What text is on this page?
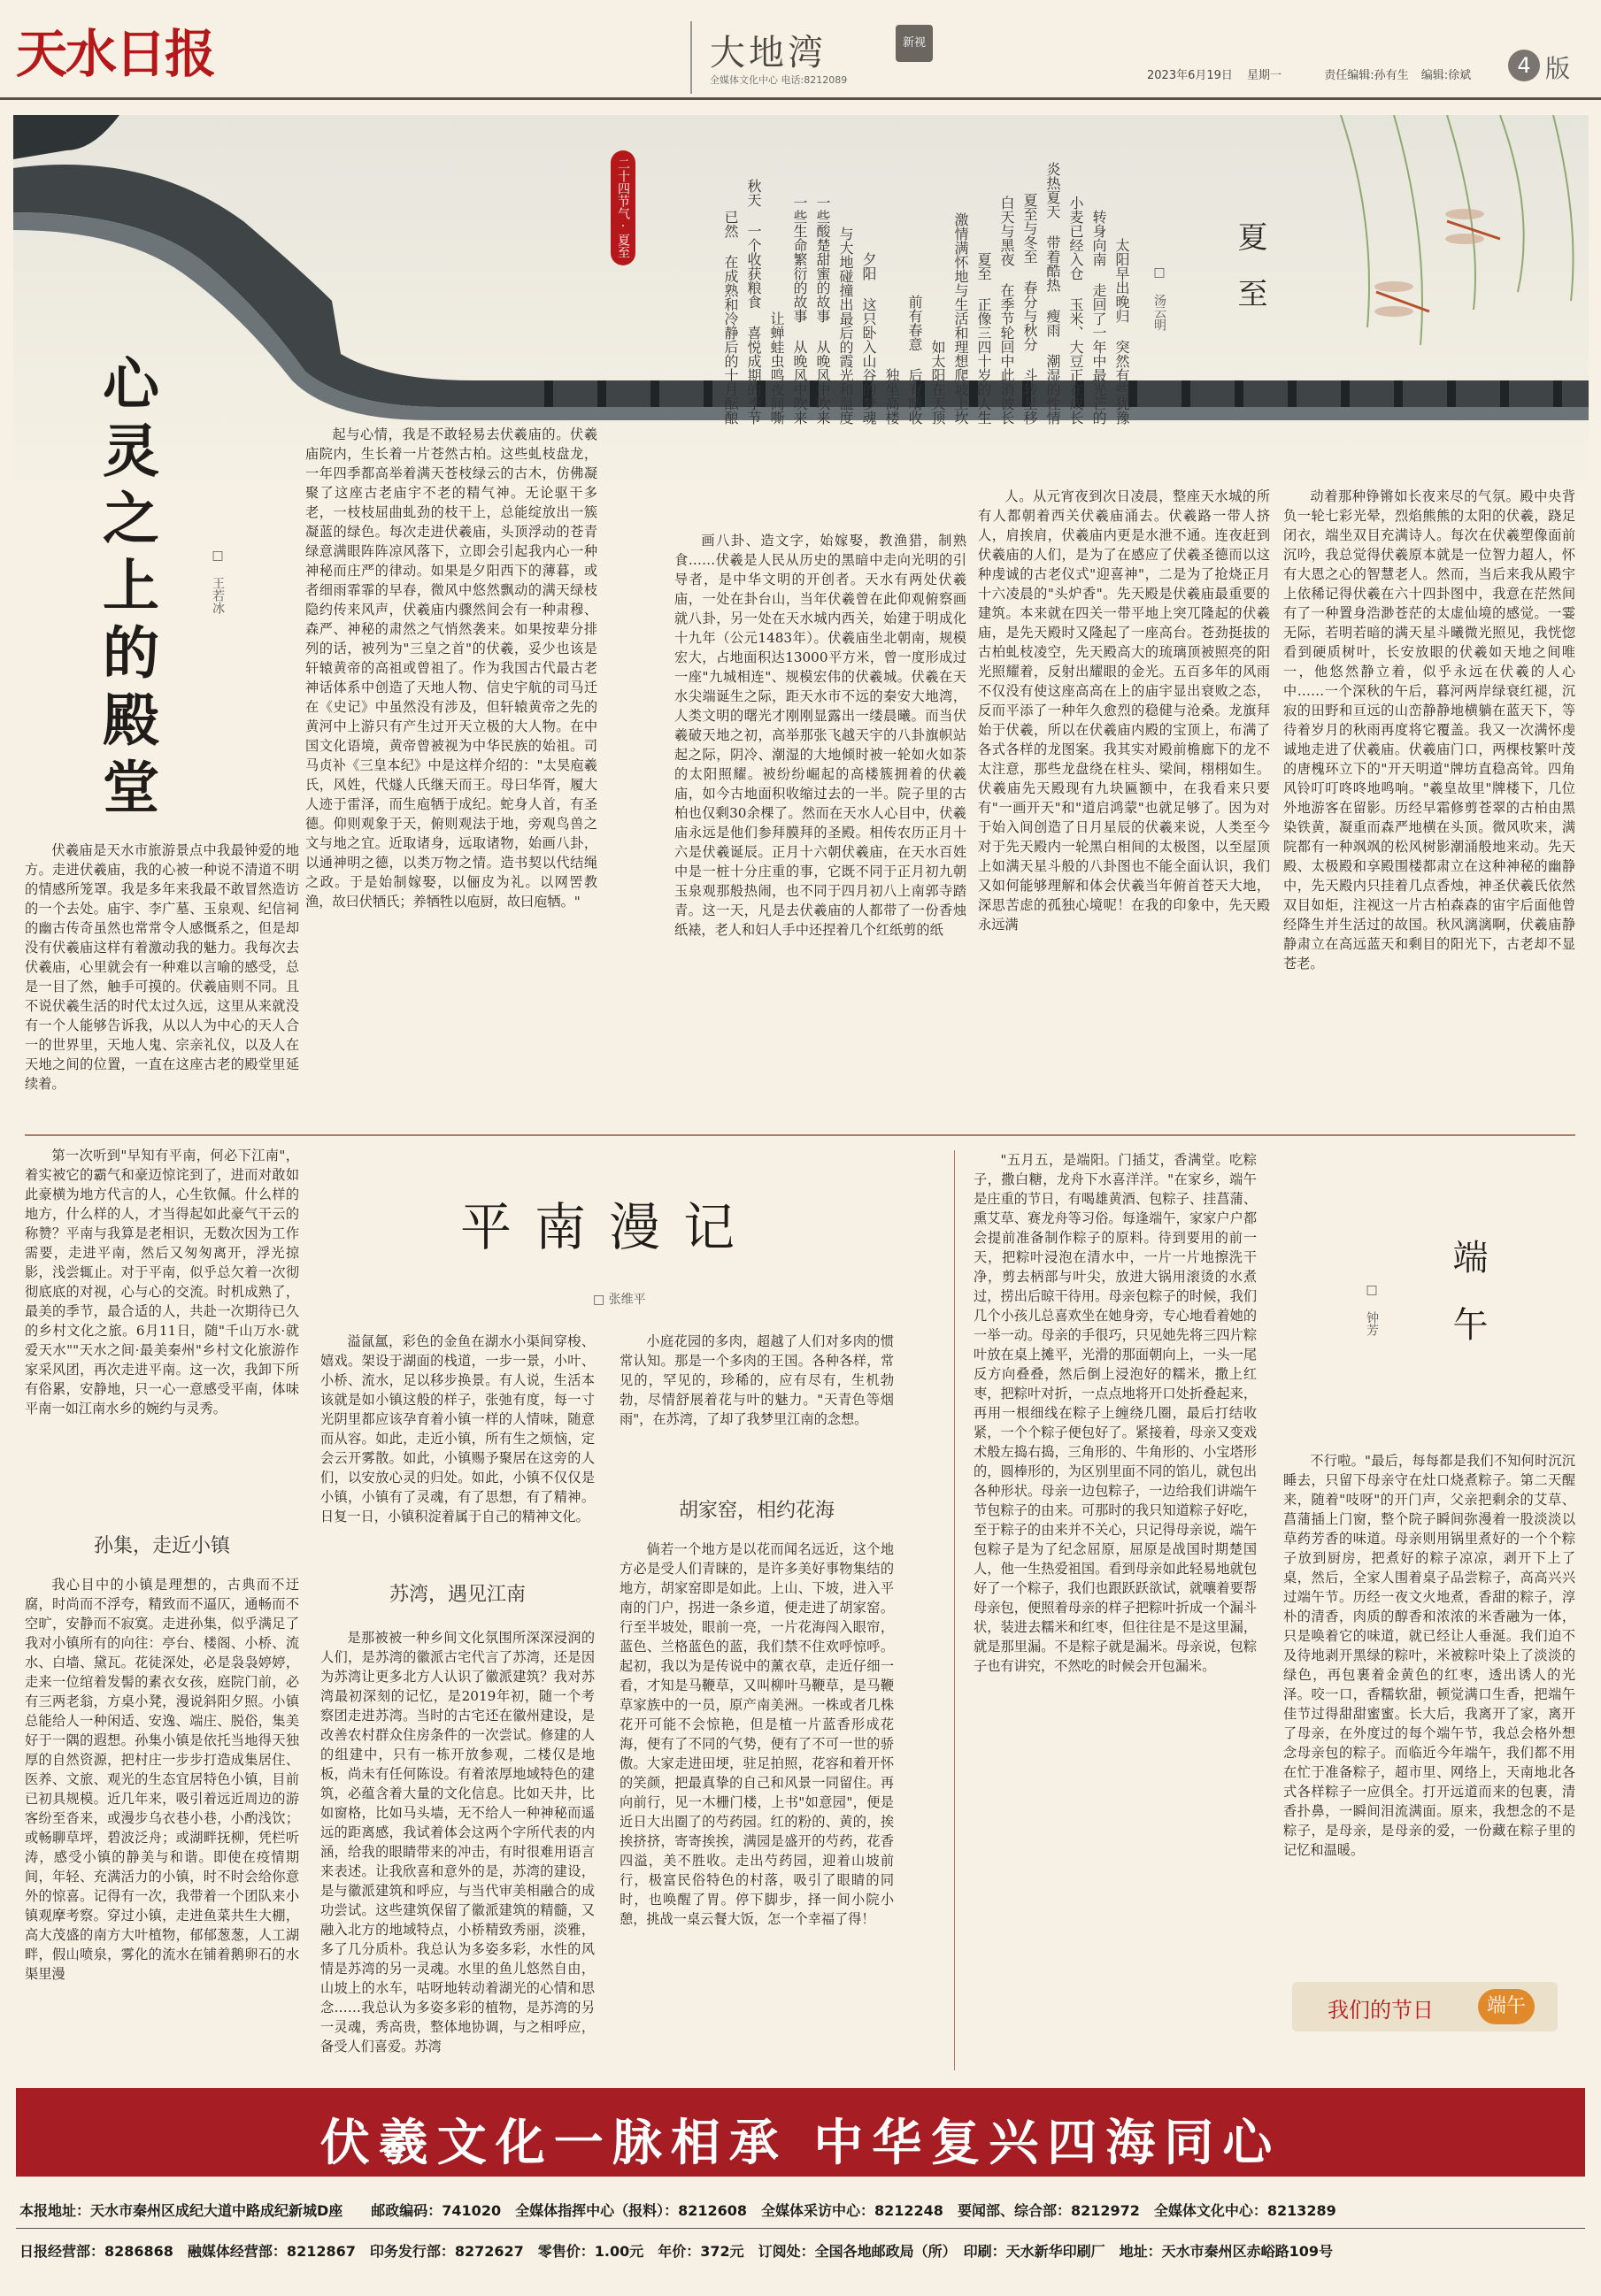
天水日报	大地湾	新视
全媒体文化中心 电话:8212089	2023年6月19日 星期一	责任编辑:孙有生 编辑:徐斌	4 版
夏至
□ 汤云明
二十四节气·夏至
太阳早出晚归 突然有些犹豫
转身向南 走回了一年中最光芒的
小麦已经入仓 玉米、大豆正在成长
炎热夏天 带着酷热 瘦雨 潮湿的性情
夏至与冬至 春分与秋分 斗转星移
白天与黑夜 在季节轮回中此消彼长
夏至 正像三四十岁的人生
激情满怀地与生活和理想爬坡上坎
如太阳在天顶
前有春意 后有晴收
独坐高楼
夕阳 这只卧入山谷的梦魂
与大地碰撞出最后的霞光和温度
一些酸楚甜蜜的故事 从晚风中吹来
一些生命繁衍的故事 从晚风中吹来
让蝉蛙虫鸣夜间嘶
秋天 一个收获粮食 喜悦成期的季节
已然 在成熟和冷静后的十月酝酿
心灵之上的殿堂	□ 王若冰

伏羲庙是天水市旅游景点中我最钟爱的地方。走进伏羲庙，我的心被一种说不清道不明的情感所笼罩。我是多年来我最不敢冒然造访的一个去处。庙宇、李广墓、玉泉观、纪信祠的幽古传奇虽然也常常令人感慨系之，但是却没有伏羲庙这样有着激动我的魅力。我每次去伏羲庙，心里就会有一种难以言喻的感受，总是一目了然，触手可摸的。伏羲庙则不同。且不说伏羲生活的时代太过久远，这里从来就没有一个人能够告诉我，从以人为中心的天人合一的世界里，天地人鬼、宗亲礼仪，以及人在天地之间的位置，一直在这座古老的殿堂里延续着。

起与心情，我是不敢轻易去伏羲庙的。伏羲庙院内，生长着一片苍然古柏。这些虬枝盘龙，一年四季都高举着满天苍枝绿云的古木，仿佛凝聚了这座古老庙宇不老的精气神。无论驱干多老，一枝枝屈曲虬劲的枝干上，总能绽放出一簇凝蓝的绿色。每次走进伏羲庙，头顶浮动的苍青绿意满眼阵阵凉风落下，立即会引起我内心一种神秘而庄严的律动。如果是夕阳西下的薄暮，或者细雨霏霏的早春，微风中悠然飘动的满天绿枝隐约传来风声，伏羲庙内骤然间会有一种肃穆、森严、神秘的肃然之气悄然袭来。如果按辈分排列的话，被列为"三皇之首"的伏羲，妥少也该是轩辕黄帝的高祖或曾祖了。作为我国古代最古老神话体系中创造了天地人物、信史宇航的司马迁在《史记》中虽然没有涉及，但轩辕黄帝之先的黄河中上游只有产生过开天立极的大人物。在中国文化语境，黄帝曾被视为中华民族的始祖。司马贞补《三皇本纪》中是这样介绍的："太昊庖羲氏，风姓，代燧人氏继天而王。母曰华胥，履大人迹于雷泽，而生庖牺于成纪。蛇身人首，有圣德。仰则观象于天，俯则观法于地，旁观鸟兽之文与地之宜。近取诸身，远取诸物，始画八卦，以通神明之德，以类万物之情。造书契以代结绳之政。于是始制嫁娶，以俪皮为礼。以网罟教渔，故曰伏牺氏；养牺牲以庖厨，故曰庖牺。"

画八卦、造文字，始嫁娶，教渔猎，制熟食……伏羲是人民从历史的黑暗中走向光明的引导者，是中华文明的开创者。天水有两处伏羲庙，一处在卦台山，当年伏羲曾在此仰观俯察画就八卦，另一处在天水城内西关，始建于明成化十九年（公元1483年）。伏羲庙坐北朝南，规模宏大，占地面积达13000平方米，曾一度形成过一座"九城相连"、规模宏伟的伏羲城。伏羲在天水尖端诞生之际，距天水市不远的秦安大地湾，人类文明的曙光才刚刚显露出一缕晨曦。而当伏羲破天地之初，高举那张飞越天宇的八卦旗帜站起之际，阴冷、潮湿的大地倾时被一轮如火如荼的太阳照耀。被纷纷崛起的高楼簇拥着的伏羲庙，如今古地面积收缩过去的一半。院子里的古柏也仅剩30余棵了。然而在天水人心目中，伏羲庙永远是他们参拜膜拜的圣殿。相传农历正月十六是伏羲诞辰。正月十六朝伏羲庙，在天水百姓中是一桩十分庄重的事，它既不同于正月初九朝玉泉观那般热闹，也不同于四月初八上南郭寺踏青。这一天，凡是去伏羲庙的人都带了一份香烛纸裱，老人和妇人手中还捏着几个红纸剪的纸

人。从元宵夜到次日凌晨，整座天水城的所有人都朝着西关伏羲庙涌去。伏羲路一带人挤人，肩挨肩，伏羲庙内更是水泄不通。连夜赶到伏羲庙的人们，是为了在感应了伏羲圣德而以这种虔诚的古老仪式"迎喜神"，二是为了抢烧正月十六凌晨的"头炉香"。先天殿是伏羲庙最重要的建筑。本来就在四关一带平地上突兀隆起的伏羲庙，是先天殿时又隆起了一座高台。苍劲挺拔的古柏虬枝凌空，先天殿高大的琉璃顶被照亮的阳光照耀着，反射出耀眼的金光。五百多年的风雨不仅没有使这座高高在上的庙宇显出衰败之态，反而平添了一种年久愈烈的稳健与沧桑。龙旗拜始于伏羲，所以在伏羲庙内殿的宝顶上，布满了各式各样的龙图案。我其实对殿前檐廊下的龙不太注意，那些龙盘绕在柱头、梁间，栩栩如生。伏羲庙先天殿现有九块匾额中，在我看来只要有"一画开天"和"道启鸿蒙"也就足够了。因为对于始入间创造了日月星辰的伏羲来说，人类至今对于先天殿内一轮黑白相间的太极图，以至屋顶上如满天星斗般的八卦图也不能全面认识，我们又如何能够理解和体会伏羲当年俯首苍天大地，深思苦虑的孤独心境呢！在我的印象中，先天殿永远满

动着那种铮锵如长夜来尽的气氛。殿中央背负一轮七彩光晕，烈焰熊熊的太阳的伏羲，跷足闭衣，端坐双目充满诗人。每次在伏羲塑像面前沉吟，我总觉得伏羲原本就是一位智力超人，怀有大恩之心的智慧老人。然而，当后来我从殿宇上依稀记得伏羲在六十四卦图中，我意在茫然间有了一种置身浩渺苍茫的太虚仙境的感觉。一霎无际，若明若暗的满天星斗曦微光照见，我恍惚看到硬质树叶，长安放眼的伏羲如天地之间唯一，他悠然静立着，似乎永远在伏羲的人心中……一个深秋的午后，暮河两岸绿衰红褪，沉寂的田野和亘远的山峦静静地横躺在蓝天下，等待着岁月的秋雨再度将它覆盖。我又一次满怀虔诚地走进了伏羲庙。伏羲庙门口，两棵枝繁叶茂的唐槐环立下的"开天明道"牌坊直稳高耸。四角风铃叮叮咚咚地鸣响。"羲皇故里"牌楼下，几位外地游客在留影。历经早霜修剪苍翠的古柏由黑染铁黄，凝重而森严地横在头顶。微风吹来，满院都有一种飒飒的松风树影潮涌般地来动。先天殿、太极殿和享殿围楼都肃立在这种神秘的幽静中，先天殿内只挂着几点香烛，神圣伏羲氏依然双目如炬，注视这一片古柏森森的宙宇后面他曾经降生并生活过的故国。秋风漓漓啊，伏羲庙静静肃立在高远蓝天和剩目的阳光下，古老却不显苍老。

第一次听到"早知有平南，何必下江南"，着实被它的霸气和豪迈惊诧到了，进而对敢如此豪横为地方代言的人，心生钦佩。什么样的地方，什么样的人，才当得起如此豪气干云的称赞？平南与我算是老相识，无数次因为工作需要，走进平南，然后又匆匆离开，浮光掠影，浅尝辄止。对于平南，似乎总欠着一次彻彻底底的对视，心与心的交流。时机成熟了，最美的季节，最合适的人，共赴一次期待已久的乡村文化之旅。6月11日，随"千山万水·就爱天水""天水之间·最美秦州"乡村文化旅游作家采风团，再次走进平南。这一次，我卸下所有俗累，安静地，只一心一意感受平南，体味平南一如江南水乡的婉约与灵秀。

平南漫记
□ 张维平
孙集，走近小镇

我心目中的小镇是理想的，古典而不迂腐，时尚而不浮夸，精致而不逼仄，通畅而不空旷，安静而不寂寞。走进孙集，似乎满足了我对小镇所有的向往：亭台、楼阁、小桥、流水、白墙、黛瓦。花徒深处，必是袅袅婷婷，走来一位绾着发髻的素衣女孩，庭院门前，必有三两老翁，方桌小凳，漫说斜阳夕照。小镇总能给人一种闲适、安逸、端庄、脱俗，集美好于一隅的遐想。孙集小镇是依托当地得天独厚的自然资源，把村庄一步步打造成集居住、医养、文旅、观光的生态宜居特色小镇，目前已初具规模。近几年来，吸引着远近周边的游客纷至沓来，或漫步乌衣巷小巷，小酌浅饮；或畅聊草坪，碧波泛舟；或湖畔抚柳，凭栏听涛，感受小镇的静美与和谐。即使在疫情期间，年轻、充满活力的小镇，时不时会给你意外的惊喜。记得有一次，我带着一个团队来小镇观摩考察。穿过小镇，走进鱼菜共生大棚，高大茂盛的南方大叶植物，郁郁葱葱，人工湖畔，假山喷泉，雾化的流水在铺着鹅卵石的水渠里漫

溢氤氲，彩色的金鱼在湖水小渠间穿梭、嬉戏。架设于湖面的栈道，一步一景，小叶、小桥、流水，足以移步换景。有人说，生活本该就是如小镇这般的样子，张弛有度，每一寸光阴里都应该孕育着小镇一样的人情味，随意而从容。如此，走近小镇，所有生之烦恼，定会云开雾散。如此，小镇赐予聚居在这旁的人们，以安放心灵的归处。如此，小镇不仅仅是小镇，小镇有了灵魂，有了思想，有了精神。日复一日，小镇积淀着属于自己的精神文化。

苏湾，遇见江南

是那被被一种乡间文化氛围所深深浸润的人们，是苏湾的徽派古宅代言了苏湾，还是因为苏湾让更多北方人认识了徽派建筑？我对苏湾最初深刻的记忆，是2019年初，随一个考察团走进苏湾。当时的古宅还在徽州建设，是改善农村群众住房条件的一次尝试。修建的人的组建中，只有一栋开放参观，二楼仅是地板，尚未有任何陈设。有着浓厚地域特色的建筑，必蕴含着大量的文化信息。比如天井，比如窗格，比如马头墙，无不给人一种神秘而遥远的距离感，我试着体会这两个字所代表的内涵，给我的眼睛带来的冲击，有时很难用语言来表述。让我欣喜和意外的是，苏湾的建设，是与徽派建筑和呼应，与当代审美相融合的成功尝试。这些建筑保留了徽派建筑的精髓，又融入北方的地域特点，小桥精致秀丽，淡雅，多了几分质朴。我总认为多姿多彩，水性的风情是苏湾的另一灵魂。水里的鱼儿悠然自由，山坡上的水车，咕呀地转动着湖光的心情和思念……我总认为多姿多彩的植物，是苏湾的另一灵魂，秀高贵，整体地协调，与之相呼应，备受人们喜爱。苏湾

小庭花园的多肉，超越了人们对多肉的惯常认知。那是一个多肉的王国。各种各样，常见的，罕见的，珍稀的，应有尽有，生机勃勃，尽情舒展着花与叶的魅力。"天青色等烟雨"，在苏湾，了却了我梦里江南的念想。

胡家窑，相约花海

倘若一个地方是以花而闻名远近，这个地方必是受人们青睐的，是许多美好事物集结的地方，胡家窑即是如此。上山、下坡，进入平南的门户，拐进一条乡道，便走进了胡家窑。行至半坡处，眼前一亮，一片花海闯入眼帘，蓝色、兰格蓝色的蓝，我们禁不住欢呼惊呼。起初，我以为是传说中的薰衣草，走近仔细一看，才知是马鞭草，又叫柳叶马鞭草，是马鞭草家族中的一员，原产南美洲。一株或者几株花开可能不会惊艳，但是植一片蓝香形成花海，便有了不同的气势，便有了不可一世的骄傲。大家走进田埂，驻足拍照，花容和着开怀的笑颜，把最真挚的自己和风景一同留住。再向前行，见一木栅门楼，上书"如意园"，便是近日大出圈了的芍药园。红的粉的、黄的，挨挨挤挤，寄寄挨挨，满园是盛开的芍药，花香四溢，美不胜收。走出芍药园，迎着山坡前行，极富民俗特色的村落，吸引了眼睛的同时，也唤醒了胃。停下脚步，择一间小院小憩，挑战一桌云餐大饭，怎一个幸福了得！

"五月五，是端阳。门插艾，香满堂。吃粽子，撒白糖，龙舟下水喜洋洋。"在家乡，端午是庄重的节日，有喝雄黄酒、包粽子、挂菖蒲、熏艾草、赛龙舟等习俗。每逢端午，家家户户都会提前准备制作粽子的原料。待到要用的前一天，把粽叶浸泡在清水中，一片一片地擦洗干净，剪去柄部与叶尖，放进大锅用滚烫的水煮过，捞出后晾干待用。母亲包粽子的时候，我们几个小孩儿总喜欢坐在她身旁，专心地看着她的一举一动。母亲的手很巧，只见她先将三四片粽叶放在桌上摊平，光滑的那面朝向上，一头一尾反方向叠叠，然后倒上浸泡好的糯米，撒上红枣，把粽叶对折，一点点地将开口处折叠起来，再用一根细线在粽子上缠绕几圈，最后打结收紧，一个个粽子便包好了。紧接着，母亲又变戏术般左捣右捣，三角形的、牛角形的、小宝塔形的，圆棒形的，为区别里面不同的馅儿，就包出各种形状。母亲一边包粽子，一边给我们讲端午节包粽子的由来。可那时的我只知道粽子好吃，至于粽子的由来并不关心，只记得母亲说，端午包粽子是为了纪念屈原，屈原是战国时期楚国人，他一生热爱祖国。看到母亲如此轻易地就包好了一个粽子，我们也跟跃跃欲试，就嚷着要帮母亲包，便照着母亲的样子把粽叶折成一个漏斗状，装进去糯米和红枣，但往往是不是这里漏，就是那里漏。不是粽子就是漏米。母亲说，包粽子也有讲究，不然吃的时候会开包漏米。

端午
□ 钟芳

不行啦。"最后，每每都是我们不知何时沉沉睡去，只留下母亲守在灶口烧煮粽子。第二天醒来，随着"吱呀"的开门声，父亲把剩余的艾草、菖蒲插上门窗，整个院子瞬间弥漫着一股淡淡以草药芳香的味道。母亲则用锅里煮好的一个个粽子放到厨房，把煮好的粽子凉凉，剥开下上了桌，然后，全家人围着桌子品尝粽子，高高兴兴过端午节。历经一夜文火地煮，香甜的粽子，淳朴的清香，肉质的醇香和浓浓的米香融为一体，只是唤着它的味道，就已经让人垂涎。我们迫不及待地剥开黑绿的粽叶，米被粽叶染上了淡淡的绿色，再包裹着金黄色的红枣，透出诱人的光泽。咬一口，香糯软甜，顿觉满口生香，把端午佳节过得甜甜蜜蜜。长大后，我离开了家，离开了母亲，在外度过的每个端午节，我总会格外想念母亲包的粽子。而临近今年端午，我们都不用在忙于准备粽子，超市里、网络上，天南地北各式各样粽子一应俱全。打开远道而来的包裹，清香扑鼻，一瞬间泪流满面。原来，我想念的不是粽子，是母亲，是母亲的爱，一份藏在粽子里的记忆和温暖。

我们的节日	端午
伏羲文化一脉相承 中华复兴四海同心
本报地址：天水市秦州区成纪大道中路成纪新城D座　　邮政编码：741020　全媒体指挥中心（报料）：8212608　全媒体采访中心：8212248　要闻部、综合部：8212972　全媒体文化中心：8213289
日报经营部：8286868　融媒体经营部：8212867　印务发行部：8272627　零售价：1.00元　年价：372元　订阅处：全国各地邮政局（所）　印刷：天水新华印刷厂　地址：天水市秦州区赤峪路109号
